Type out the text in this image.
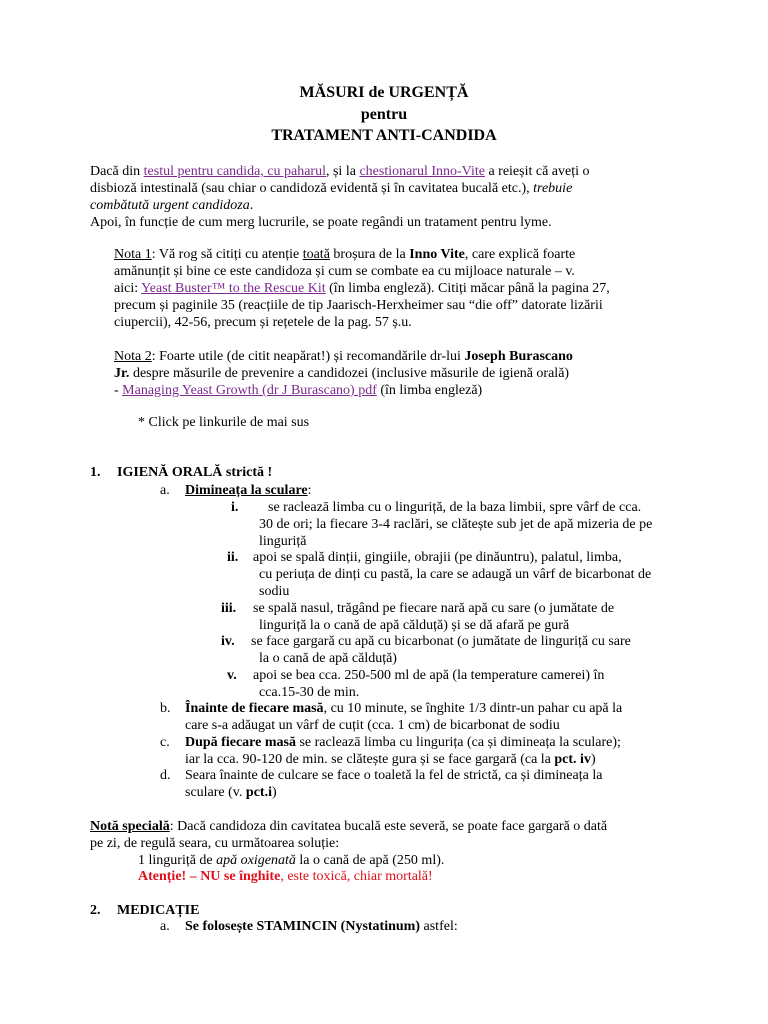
MĂSURI de URGENȚĂ
pentru
TRATAMENT ANTI-CANDIDA

Dacă din testul pentru candida, cu paharul, și la chestionarul Inno-Vite a reieșit că aveți o

disbioză intestinală (sau chiar o candidoză evidentă și în cavitatea bucală etc.), trebuie

combătută urgent candidoza.

Apoi, în funcție de cum merg lucrurile, se poate regândi un tratament pentru lyme.

Nota 1: Vă rog să citiți cu atenție toată broșura de la Inno Vite, care explică foarte

amănunțit și bine ce este candidoza și cum se combate ea cu mijloace naturale – v.

aici: Yeast Buster™ to the Rescue Kit (în limba engleză). Citiți măcar până la pagina 27,

precum și paginile 35 (reacțiile de tip Jaarisch-Herxheimer sau “die off” datorate lizării

ciupercii), 42-56, precum și rețetele de la pag. 57 ș.u.

Nota 2: Foarte utile (de citit neapărat!) și recomandările dr-lui Joseph Burascano

Jr. despre măsurile de prevenire a candidozei (inclusive măsurile de igienă orală)

- Managing Yeast Growth (dr J Burascano) pdf (în limba engleză)

* Click pe linkurile de mai sus
1. IGIENĂ ORALĂ strictă !
a. Dimineața la sculare:
i. se racleazā limba cu o linguriță, de la baza limbii, spre vârf de cca.
30 de ori; la fiecare 3-4 raclări, se clătește sub jet de apă mizeria de pe
linguriță
ii. apoi se spală dinții, gingiile, obrajii (pe dinăuntru), palatul, limba,
cu periuța de dinți cu pastă, la care se adaugă un vârf de bicarbonat de
sodiu
iii. se spală nasul, trăgând pe fiecare nară apă cu sare (o jumătate de
linguriță la o cană de apă călduță) și se dă afară pe gură
iv. se face gargară cu apă cu bicarbonat (o jumătate de linguriță cu sare
la o cană de apă călduță)
v. apoi se bea cca. 250-500 ml de apă (la temperature camerei) în
cca.15-30 de min.
b. Înainte de fiecare masă, cu 10 minute, se înghite 1/3 dintr-un pahar cu apă la
care s-a adăugat un vârf de cuțit (cca. 1 cm) de bicarbonat de sodiu
c. După fiecare masă se racleazā limba cu lingurița (ca și dimineața la sculare);
iar la cca. 90-120 de min. se clătește gura și se face gargară (ca la pct. iv)
d. Seara înainte de culcare se face o toaletă la fel de strictă, ca și dimineața la
sculare (v. pct.i)

Notă specială: Dacă candidoza din cavitatea bucală este severă, se poate face gargară o dată

pe zi, de regulă seara, cu următoarea soluție:

1 linguriță de apă oxigenată la o cană de apă (250 ml).
Atenție! – NU se înghite, este toxică, chiar mortală!
2. MEDICAȚIE
a. Se folosește STAMINCIN (Nystatinum) astfel:
